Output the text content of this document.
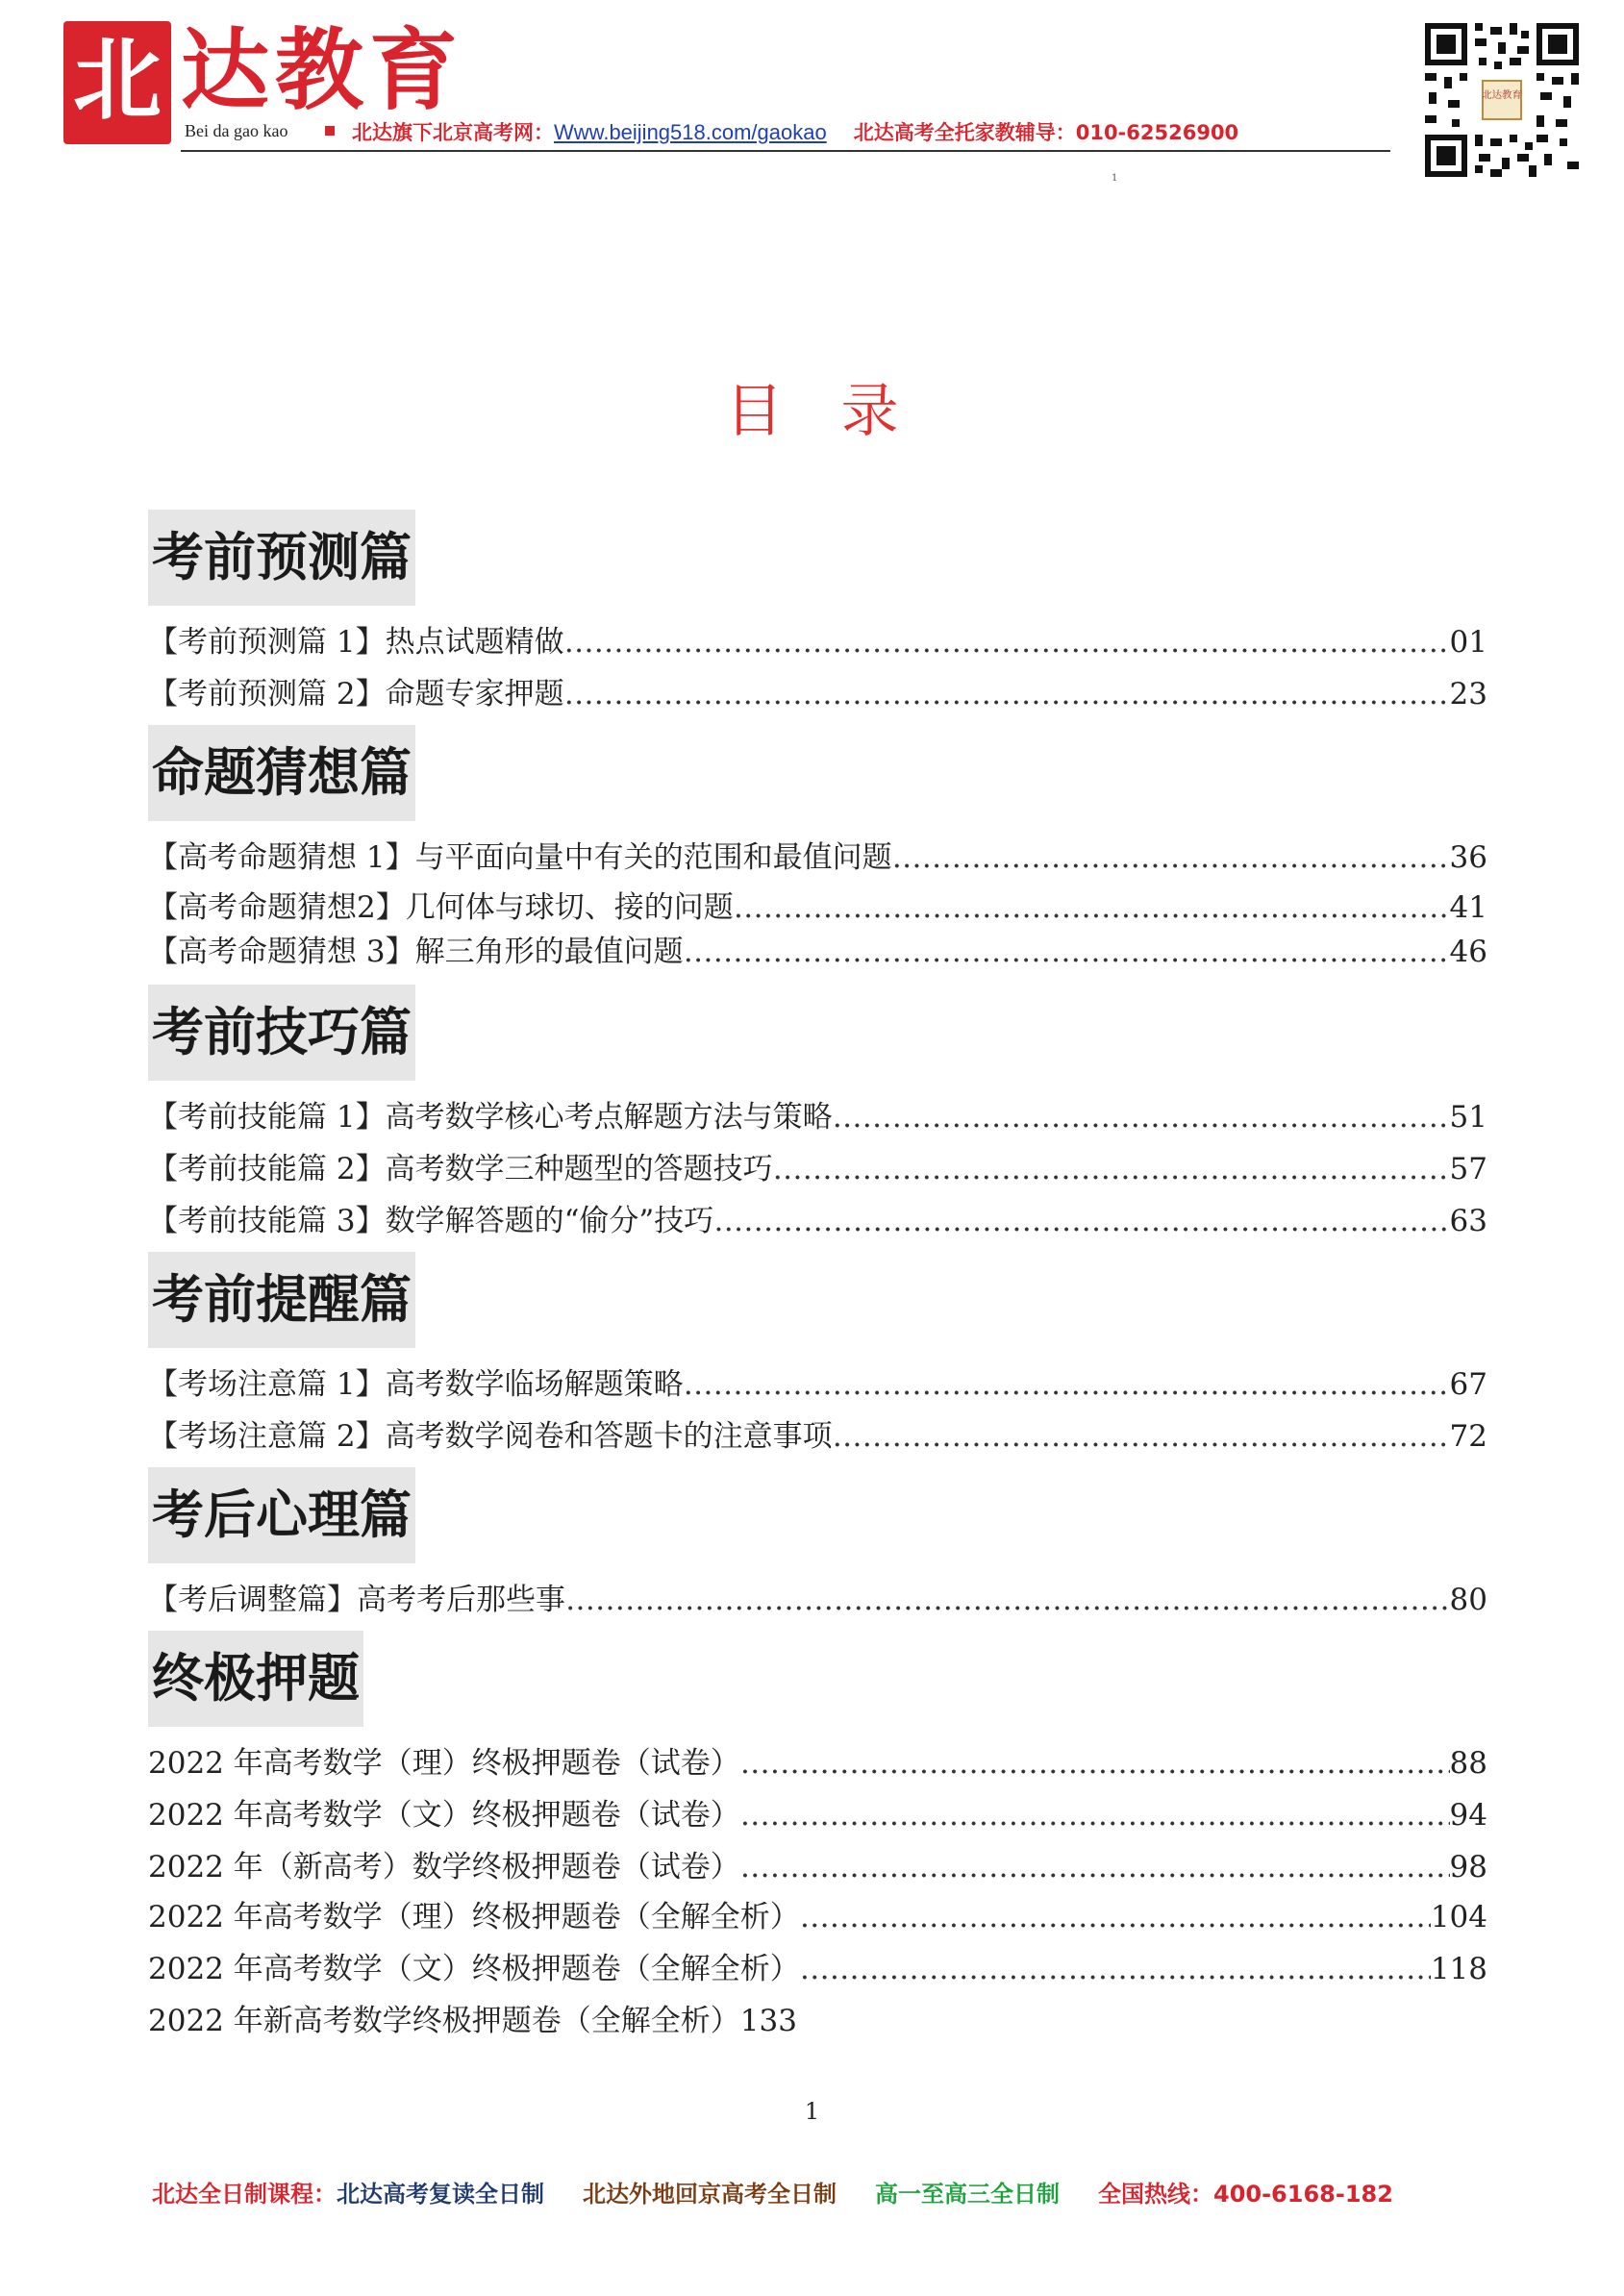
北 达教育
Bei da gao kao	北达旗下北京高考网：Www.beijing518.com/gaokao 北达高考全托家教辅导：010-62526900
1
北达教育
目录
考前预测篇
【考前预测篇 1】热点试题精做 ……………………………………………………………………………………………………………………………………………………………………………………………………………………	01
【考前预测篇 2】命题专家押题 ……………………………………………………………………………………………………………………………………………………………………………………………………………………	23
命题猜想篇
【高考命题猜想 1】与平面向量中有关的范围和最值问题 ……………………………………………………………………………………………………………………………………………………………………………………………………………………	36
【高考命题猜想2】几何体与球切、接的问题 ……………………………………………………………………………………………………………………………………………………………………………………………………………………	41
【高考命题猜想 3】解三角形的最值问题 ……………………………………………………………………………………………………………………………………………………………………………………………………………………	46
考前技巧篇
【考前技能篇 1】高考数学核心考点解题方法与策略 ……………………………………………………………………………………………………………………………………………………………………………………………………………………	51
【考前技能篇 2】高考数学三种题型的答题技巧 ……………………………………………………………………………………………………………………………………………………………………………………………………………………	57
【考前技能篇 3】数学解答题的“偷分”技巧 ……………………………………………………………………………………………………………………………………………………………………………………………………………………	63
考前提醒篇
【考场注意篇 1】高考数学临场解题策略 ……………………………………………………………………………………………………………………………………………………………………………………………………………………	67
【考场注意篇 2】高考数学阅卷和答题卡的注意事项 ……………………………………………………………………………………………………………………………………………………………………………………………………………………	72
考后心理篇
【考后调整篇】高考考后那些事 ……………………………………………………………………………………………………………………………………………………………………………………………………………………	80
终极押题
2022 年高考数学（理）终极押题卷（试卷） ……………………………………………………………………………………………………………………………………………………………………………………………………………………	88
2022 年高考数学（文）终极押题卷（试卷） ……………………………………………………………………………………………………………………………………………………………………………………………………………………	94
2022 年（新高考）数学终极押题卷（试卷） ……………………………………………………………………………………………………………………………………………………………………………………………………………………	98
2022 年高考数学（理）终极押题卷（全解全析） ……………………………………………………………………………………………………………………………………………………………………………………………………………………	104
2022 年高考数学（文）终极押题卷（全解全析） ……………………………………………………………………………………………………………………………………………………………………………………………………………………	118
2022 年新高考数学终极押题卷（全解全析） 133
1
北达全日制课程：北达高考复读全日制 北达外地回京高考全日制 高一至高三全日制 全国热线：400-6168-182
